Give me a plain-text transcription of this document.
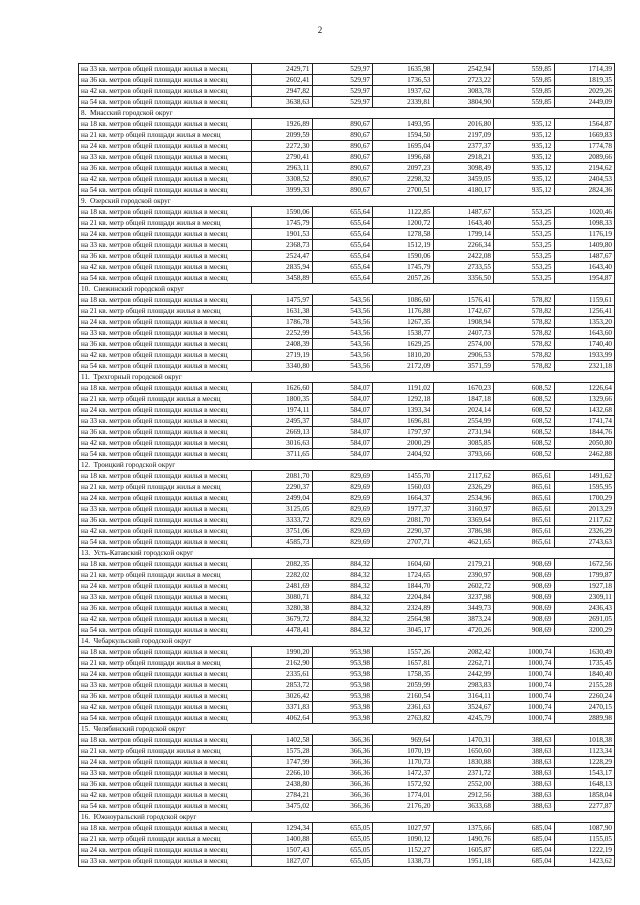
2
на 33 кв. метров общей площади жилья в месяц	2429,71	529,97	1635,98	2542,94	559,85	1714,39
на 36 кв. метров общей площади жилья в месяц	2602,41	529,97	1736,53	2723,22	559,85	1819,35
на 42 кв. метров общей площади жилья в месяц	2947,82	529,97	1937,62	3083,78	559,85	2029,26
на 54 кв. метров общей площади жилья в месяц	3638,63	529,97	2339,81	3804,90	559,85	2449,09
8. Миасский городской округ						
на 18 кв. метров общей площади жилья в месяц	1926,89	890,67	1493,95	2016,80	935,12	1564,87
на 21 кв. метр общей площади жилья в месяц	2099,59	890,67	1594,50	2197,09	935,12	1669,83
на 24 кв. метров общей площади жилья в месяц	2272,30	890,67	1695,04	2377,37	935,12	1774,78
на 33 кв. метров общей площади жилья в месяц	2790,41	890,67	1996,68	2918,21	935,12	2089,66
на 36 кв. метров общей площади жилья в месяц	2963,11	890,67	2097,23	3098,49	935,12	2194,62
на 42 кв. метров общей площади жилья в месяц	3308,52	890,67	2298,32	3459,05	935,12	2404,53
на 54 кв. метров общей площади жилья в месяц	3999,33	890,67	2700,51	4180,17	935,12	2824,36
9. Озерский городской округ						
на 18 кв. метров общей площади жилья в месяц	1590,06	655,64	1122,85	1487,67	553,25	1020,46
на 21 кв. метр общей площади жилья в месяц	1745,79	655,64	1200,72	1643,40	553,25	1098,33
на 24 кв. метров общей площади жилья в месяц	1901,53	655,64	1278,58	1799,14	553,25	1176,19
на 33 кв. метров общей площади жилья в месяц	2368,73	655,64	1512,19	2266,34	553,25	1409,80
на 36 кв. метров общей площади жилья в месяц	2524,47	655,64	1590,06	2422,08	553,25	1487,67
на 42 кв. метров общей площади жилья в месяц	2835,94	655,64	1745,79	2733,55	553,25	1643,40
на 54 кв. метров общей площади жилья в месяц	3458,89	655,64	2057,26	3356,50	553,25	1954,87
10. Снежинский городской округ						
на 18 кв. метров общей площади жилья в месяц	1475,97	543,56	1086,60	1576,41	578,82	1159,61
на 21 кв. метр общей площади жилья в месяц	1631,38	543,56	1176,88	1742,67	578,82	1256,41
на 24 кв. метров общей площади жилья в месяц	1786,78	543,56	1267,35	1908,94	578,82	1353,20
на 33 кв. метров общей площади жилья в месяц	2252,99	543,56	1538,77	2407,73	578,82	1643,60
на 36 кв. метров общей площади жилья в месяц	2408,39	543,56	1629,25	2574,00	578,82	1740,40
на 42 кв. метров общей площади жилья в месяц	2719,19	543,56	1810,20	2906,53	578,82	1933,99
на 54 кв. метров общей площади жилья в месяц	3340,80	543,56	2172,09	3571,59	578,82	2321,18
11. Трехгорный городской округ						
на 18 кв. метров общей площади жилья в месяц	1626,60	584,07	1191,02	1670,23	608,52	1226,64
на 21 кв. метр общей площади жилья в месяц	1800,35	584,07	1292,18	1847,18	608,52	1329,66
на 24 кв. метров общей площади жилья в месяц	1974,11	584,07	1393,34	2024,14	608,52	1432,68
на 33 кв. метров общей площади жилья в месяц	2495,37	584,07	1696,81	2554,99	608,52	1741,74
на 36 кв. метров общей площади жилья в месяц	2669,13	584,07	1797,97	2731,94	608,52	1844,76
на 42 кв. метров общей площади жилья в месяц	3016,63	584,07	2000,29	3085,85	608,52	2050,80
на 54 кв. метров общей площади жилья в месяц	3711,65	584,07	2404,92	3793,66	608,52	2462,88
12. Троицкий городской округ						
на 18 кв. метров общей площади жилья в месяц	2081,70	829,69	1455,70	2117,62	865,61	1491,62
на 21 кв. метр общей площади жилья в месяц	2290,37	829,69	1560,03	2326,29	865,61	1595,95
на 24 кв. метров общей площади жилья в месяц	2499,04	829,69	1664,37	2534,96	865,61	1700,29
на 33 кв. метров общей площади жилья в месяц	3125,05	829,69	1977,37	3160,97	865,61	2013,29
на 36 кв. метров общей площади жилья в месяц	3333,72	829,69	2081,70	3369,64	865,61	2117,62
на 42 кв. метров общей площади жилья в месяц	3751,06	829,69	2290,37	3786,98	865,61	2326,29
на 54 кв. метров общей площади жилья в месяц	4585,73	829,69	2707,71	4621,65	865,61	2743,63
13. Усть-Катавский городской округ						
на 18 кв. метров общей площади жилья в месяц	2082,35	884,32	1604,60	2179,21	908,69	1672,56
на 21 кв. метр общей площади жилья в месяц	2282,02	884,32	1724,65	2390,97	908,69	1799,87
на 24 кв. метров общей площади жилья в месяц	2481,69	884,32	1844,70	2602,72	908,69	1927,18
на 33 кв. метров общей площади жилья в месяц	3080,71	884,32	2204,84	3237,98	908,69	2309,11
на 36 кв. метров общей площади жилья в месяц	3280,38	884,32	2324,89	3449,73	908,69	2436,43
на 42 кв. метров общей площади жилья в месяц	3679,72	884,32	2564,98	3873,24	908,69	2691,05
на 54 кв. метров общей площади жилья в месяц	4478,41	884,32	3045,17	4720,26	908,69	3200,29
14. Чебаркульский городской округ						
на 18 кв. метров общей площади жилья в месяц	1990,20	953,98	1557,26	2082,42	1000,74	1630,49
на 21 кв. метр общей площади жилья в месяц	2162,90	953,98	1657,81	2262,71	1000,74	1735,45
на 24 кв. метров общей площади жилья в месяц	2335,61	953,98	1758,35	2442,99	1000,74	1840,40
на 33 кв. метров общей площади жилья в месяц	2853,72	953,98	2059,99	2983,83	1000,74	2155,28
на 36 кв. метров общей площади жилья в месяц	3026,42	953,98	2160,54	3164,11	1000,74	2260,24
на 42 кв. метров общей площади жилья в месяц	3371,83	953,98	2361,63	3524,67	1000,74	2470,15
на 54 кв. метров общей площади жилья в месяц	4062,64	953,98	2763,82	4245,79	1000,74	2889,98
15. Челябинский городской округ						
на 18 кв. метров общей площади жилья в месяц	1402,58	366,36	969,64	1470,31	388,63	1018,38
на 21 кв. метр общей площади жилья в месяц	1575,28	366,36	1070,19	1650,60	388,63	1123,34
на 24 кв. метров общей площади жилья в месяц	1747,99	366,36	1170,73	1830,88	388,63	1228,29
на 33 кв. метров общей площади жилья в месяц	2266,10	366,36	1472,37	2371,72	388,63	1543,17
на 36 кв. метров общей площади жилья в месяц	2438,80	366,36	1572,92	2552,00	388,63	1648,13
на 42 кв. метров общей площади жилья в месяц	2784,21	366,36	1774,01	2912,56	388,63	1858,04
на 54 кв. метров общей площади жилья в месяц	3475,02	366,36	2176,20	3633,68	388,63	2277,87
16. Южноуральский городской округ						
на 18 кв. метров общей площади жилья в месяц	1294,34	655,05	1027,97	1375,66	685,04	1087,90
на 21 кв. метр общей площади жилья в месяц	1400,88	655,05	1090,12	1490,76	685,04	1155,05
на 24 кв. метров общей площади жилья в месяц	1507,43	655,05	1152,27	1605,87	685,04	1222,19
на 33 кв. метров общей площади жилья в месяц	1827,07	655,05	1338,73	1951,18	685,04	1423,62
